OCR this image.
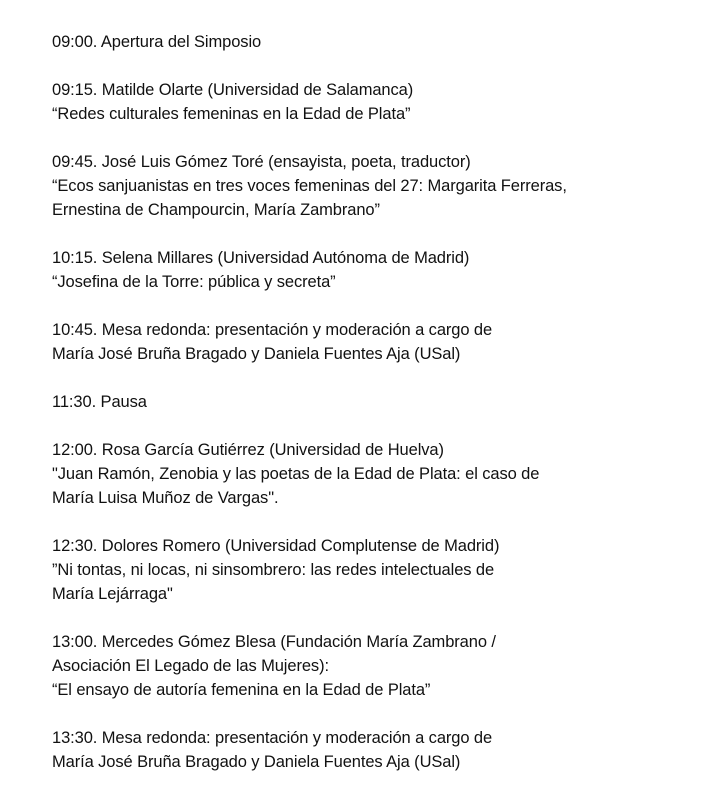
09:00. Apertura del Simposio
09:15. Matilde Olarte (Universidad de Salamanca)
“Redes culturales femeninas en la Edad de Plata”
09:45. José Luis Gómez Toré (ensayista, poeta, traductor)
“Ecos sanjuanistas en tres voces femeninas del 27: Margarita Ferreras,
Ernestina de Champourcin, María Zambrano”
10:15. Selena Millares (Universidad Autónoma de Madrid)
“Josefina de la Torre: pública y secreta”
10:45. Mesa redonda: presentación y moderación a cargo de
María José Bruña Bragado y Daniela Fuentes Aja (USal)
11:30. Pausa
12:00. Rosa García Gutiérrez (Universidad de Huelva)
"Juan Ramón, Zenobia y las poetas de la Edad de Plata: el caso de
María Luisa Muñoz de Vargas".
12:30. Dolores Romero (Universidad Complutense de Madrid)
”Ni tontas, ni locas, ni sinsombrero: las redes intelectuales de
María Lejárraga"
13:00. Mercedes Gómez Blesa (Fundación María Zambrano /
Asociación El Legado de las Mujeres):
“El ensayo de autoría femenina en la Edad de Plata”
13:30. Mesa redonda: presentación y moderación a cargo de
María José Bruña Bragado y Daniela Fuentes Aja (USal)
